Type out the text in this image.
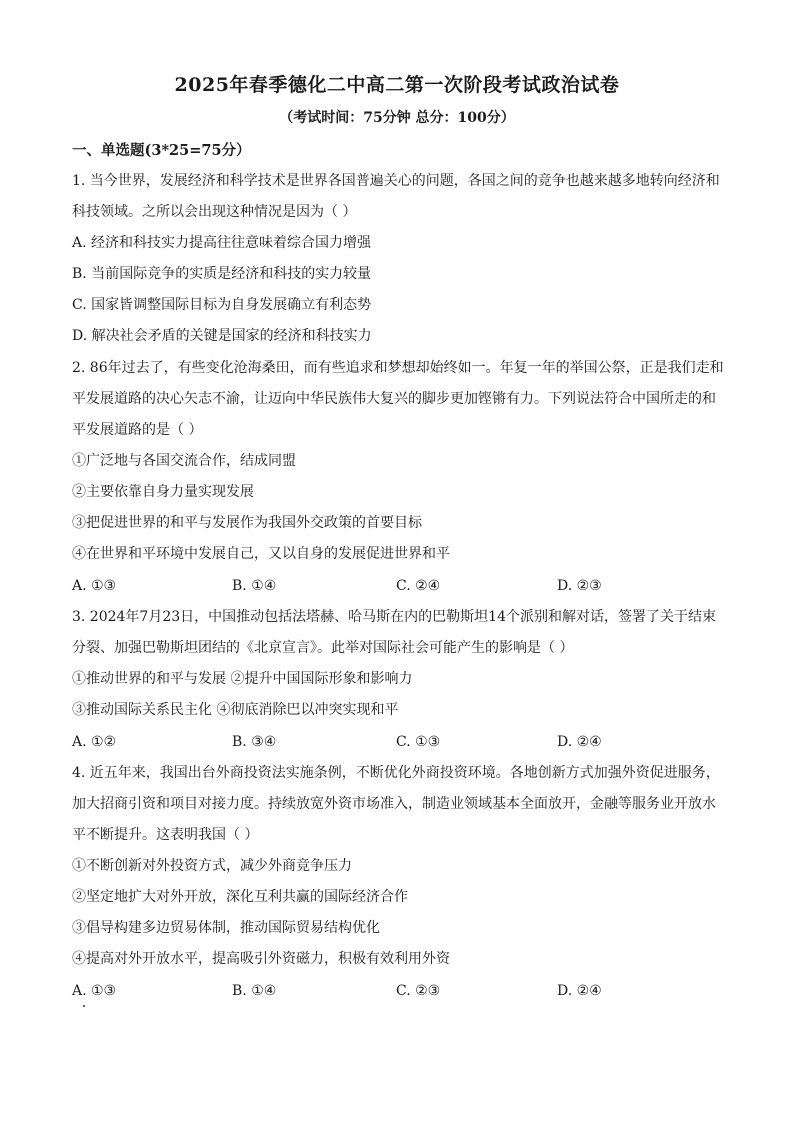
2025年春季德化二中高二第一次阶段考试政治试卷
（考试时间：75分钟 总分：100分）
一、单选题(3*25=75分）
1. 当今世界，发展经济和科学技术是世界各国普遍关心的问题，各国之间的竞争也越来越多地转向经济和
科技领域。之所以会出现这种情况是因为（ ）
A. 经济和科技实力提高往往意味着综合国力增强
B. 当前国际竞争的实质是经济和科技的实力较量
C. 国家皆调整国际目标为自身发展确立有利态势
D. 解决社会矛盾的关键是国家的经济和科技实力
2. 86年过去了，有些变化沧海桑田，而有些追求和梦想却始终如一。年复一年的举国公祭，正是我们走和
平发展道路的决心矢志不渝，让迈向中华民族伟大复兴的脚步更加铿锵有力。下列说法符合中国所走的和
平发展道路的是（ ）
①广泛地与各国交流合作，结成同盟
②主要依靠自身力量实现发展
③把促进世界的和平与发展作为我国外交政策的首要目标
④在世界和平环境中发展自己，又以自身的发展促进世界和平
A. ①③	B. ①④	C. ②④	D. ②③
3. 2024年7月23日，中国推动包括法塔赫、哈马斯在内的巴勒斯坦14个派别和解对话，签署了关于结束
分裂、加强巴勒斯坦团结的《北京宣言》。此举对国际社会可能产生的影响是（ ）
①推动世界的和平与发展 ②提升中国国际形象和影响力
③推动国际关系民主化 ④彻底消除巴以冲突实现和平
A. ①②	B. ③④	C. ①③	D. ②④
4. 近五年来，我国出台外商投资法实施条例，不断优化外商投资环境。各地创新方式加强外资促进服务，
加大招商引资和项目对接力度。持续放宽外资市场准入，制造业领域基本全面放开，金融等服务业开放水
平不断提升。这表明我国（ ）
①不断创新对外投资方式，减少外商竞争压力
②坚定地扩大对外开放，深化互利共赢的国际经济合作
③倡导构建多边贸易体制，推动国际贸易结构优化
④提高对外开放水平，提高吸引外资磁力，积极有效利用外资
A. ①③	B. ①④	C. ②③	D. ②④
